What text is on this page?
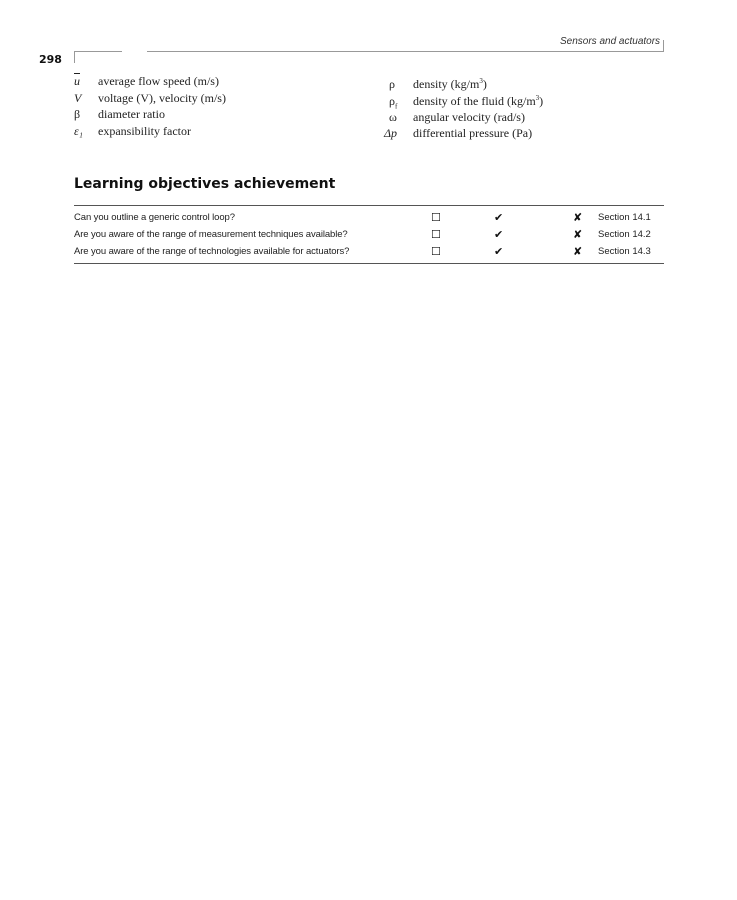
Sensors and actuators
298
$\overline{u}$ average flow speed (m/s)
V voltage (V), velocity (m/s)
β diameter ratio
ε₁ expansibility factor
ρ density $(kg/m^3)$
$\rho_f$ density of the fluid $(kg/m^3)$
ω angular velocity (rad/s)
Δp differential pressure (Pa)
Learning objectives achievement
Can you outline a generic control loop?	☐	✔	✘ Section 14.1
Are you aware of the range of measurement techniques available?	☐	✔	✘ Section 14.2
Are you aware of the range of technologies available for actuators?	☐	✔	✘ Section 14.3
